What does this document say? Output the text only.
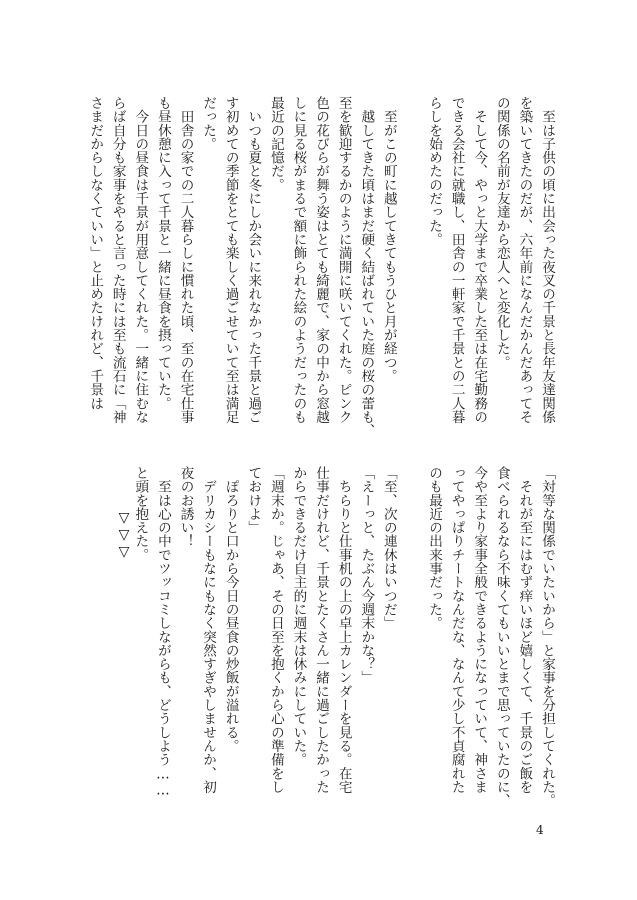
　至は子供の頃に出会った夜叉の千景と長年友達関係
を築いてきたのだが、六年前になんだかんだあってそ
の関係の名前が友達から恋人へと変化した。
　そして今、やっと大学まで卒業した至は在宅勤務の
できる会社に就職し、田舎の一軒家で千景との二人暮
らしを始めたのだった。

　至がこの町に越してきてもうひと月が経つ。
　越してきた頃はまだ硬く結ばれていた庭の桜の蕾も、
至を歓迎するかのように満開に咲いてくれた。ピンク
色の花びらが舞う姿はとても綺麗で、家の中から窓越
しに見る桜がまるで額に飾られた絵のようだったのも
最近の記憶だ。
　いつも夏と冬にしか会いに来れなかった千景と過ご
す初めての季節をとても楽しく過ごせていて至は満足
だった。
　田舎の家での二人暮らしに慣れた頃、至の在宅仕事
も昼休憩に入って千景と一緒に昼食を摂っていた。
　今日の昼食は千景が用意してくれた。一緒に住むな
らば自分も家事をやると言った時には至も流石に「神
さまだからしなくていい」と止めたけれど、千景は
「対等な関係でいたいから」と家事を分担してくれた。
　それが至にはむず痒いほど嬉しくて、千景のご飯を
食べられるなら不味くてもいいとまで思っていたのに、
今や至より家事全般できるようになっていて、神さま
ってやっぱりチートなんだな、なんて少し不貞腐れた
のも最近の出来事だった。

「至、次の連休はいつだ」
「えーっと、たぶん今週末かな？」
　ちらりと仕事机の上の卓上カレンダーを見る。在宅
仕事だけれど、千景とたくさん一緒に過ごしたかった
からできるだけ自主的に週末は休みにしていた。
「週末か。じゃあ、その日至を抱くから心の準備をし
ておけよ」
　ぽろりと口から今日の昼食の炒飯が溢れる。
　デリカシーもなにもなく突然すぎやしませんか、初
夜のお誘い！
　至は心の中でツッコミしながらも、どうしよう……
と頭を抱えた。
▽▽▽
4
